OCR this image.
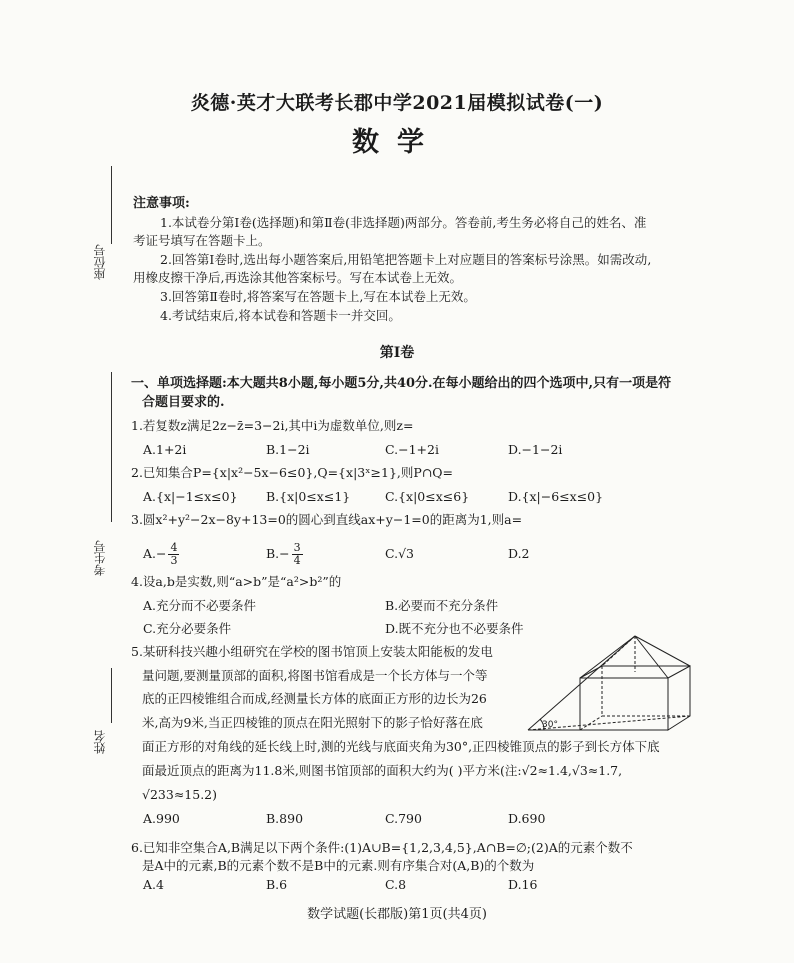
炎德·英才大联考长郡中学2021届模拟试卷(一)
数学
座位号
考生号
姓名
注意事项:
1.本试卷分第Ⅰ卷(选择题)和第Ⅱ卷(非选择题)两部分。答卷前,考生务必将自己的姓名、准
考证号填写在答题卡上。
2.回答第Ⅰ卷时,选出每小题答案后,用铅笔把答题卡上对应题目的答案标号涂黑。如需改动,
用橡皮擦干净后,再选涂其他答案标号。写在本试卷上无效。
3.回答第Ⅱ卷时,将答案写在答题卡上,写在本试卷上无效。
4.考试结束后,将本试卷和答题卡一并交回。
第Ⅰ卷
一、单项选择题:本大题共8小题,每小题5分,共40分.在每小题给出的四个选项中,只有一项是符
合题目要求的.
1.若复数z满足2z−z̄=3−2i,其中i为虚数单位,则z=
A.1+2i	B.1−2i	C.−1+2i	D.−1−2i
2.已知集合P={x|x²−5x−6≤0},Q={x|3ˣ≥1},则P∩Q=
A.{x|−1≤x≤0} B.{x|0≤x≤1}	C.{x|0≤x≤6}	D.{x|−6≤x≤0}
3.圆x²+y²−2x−8y+13=0的圆心到直线ax+y−1=0的距离为1,则a=
$A.- \frac{4}{3}$	$B.- \frac{3}{4}$	C.√3	D.2
4.设a,b是实数,则“a>b”是“a²>b²”的
A.充分而不必要条件	B.必要而不充分条件
C.充分必要条件	D.既不充分也不必要条件
5.某研科技兴趣小组研究在学校的图书馆顶上安装太阳能板的发电
量问题,要测量顶部的面积,将图书馆看成是一个长方体与一个等
底的正四棱锥组合而成,经测量长方体的底面正方形的边长为26
米,高为9米,当正四棱锥的顶点在阳光照射下的影子恰好落在底
面正方形的对角线的延长线上时,测的光线与底面夹角为30°,正四棱锥顶点的影子到长方体下底
面最近顶点的距离为11.8米,则图书馆顶部的面积大约为( )平方米(注:√2≈1.4,√3≈1.7,
√233≈15.2)
A.990	B.890	C.790	D.690
30°
6.已知非空集合A,B满足以下两个条件:(1)A∪B={1,2,3,4,5},A∩B=∅;(2)A的元素个数不
是A中的元素,B的元素个数不是B中的元素.则有序集合对(A,B)的个数为
A.4	B.6	C.8	D.16
数学试题(长郡版)第1页(共4页)
